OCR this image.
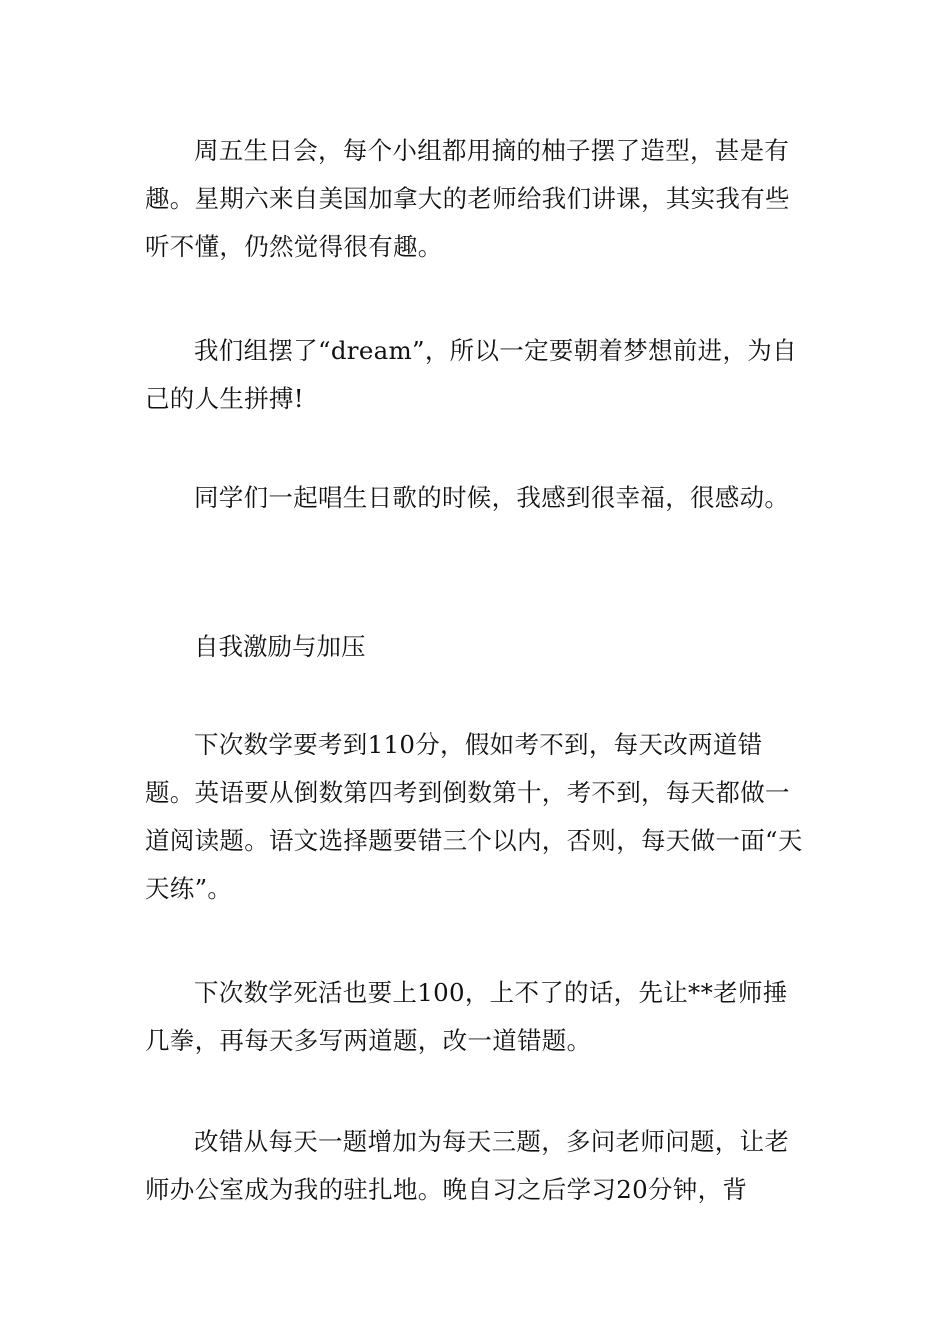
周五生日会，每个小组都用摘的柚子摆了造型，甚是有趣。星期六来自美国加拿大的老师给我们讲课，其实我有些听不懂，仍然觉得很有趣。

我们组摆了“dream”，所以一定要朝着梦想前进，为自己的人生拼搏!

同学们一起唱生日歌的时候，我感到很幸福，很感动。

自我激励与加压

下次数学要考到110分，假如考不到，每天改两道错题。英语要从倒数第四考到倒数第十，考不到，每天都做一道阅读题。语文选择题要错三个以内，否则，每天做一面“天天练”。

下次数学死活也要上100，上不了的话，先让**老师捶几拳，再每天多写两道题，改一道错题。

改错从每天一题增加为每天三题，多问老师问题，让老师办公室成为我的驻扎地。晚自习之后学习20分钟，背
